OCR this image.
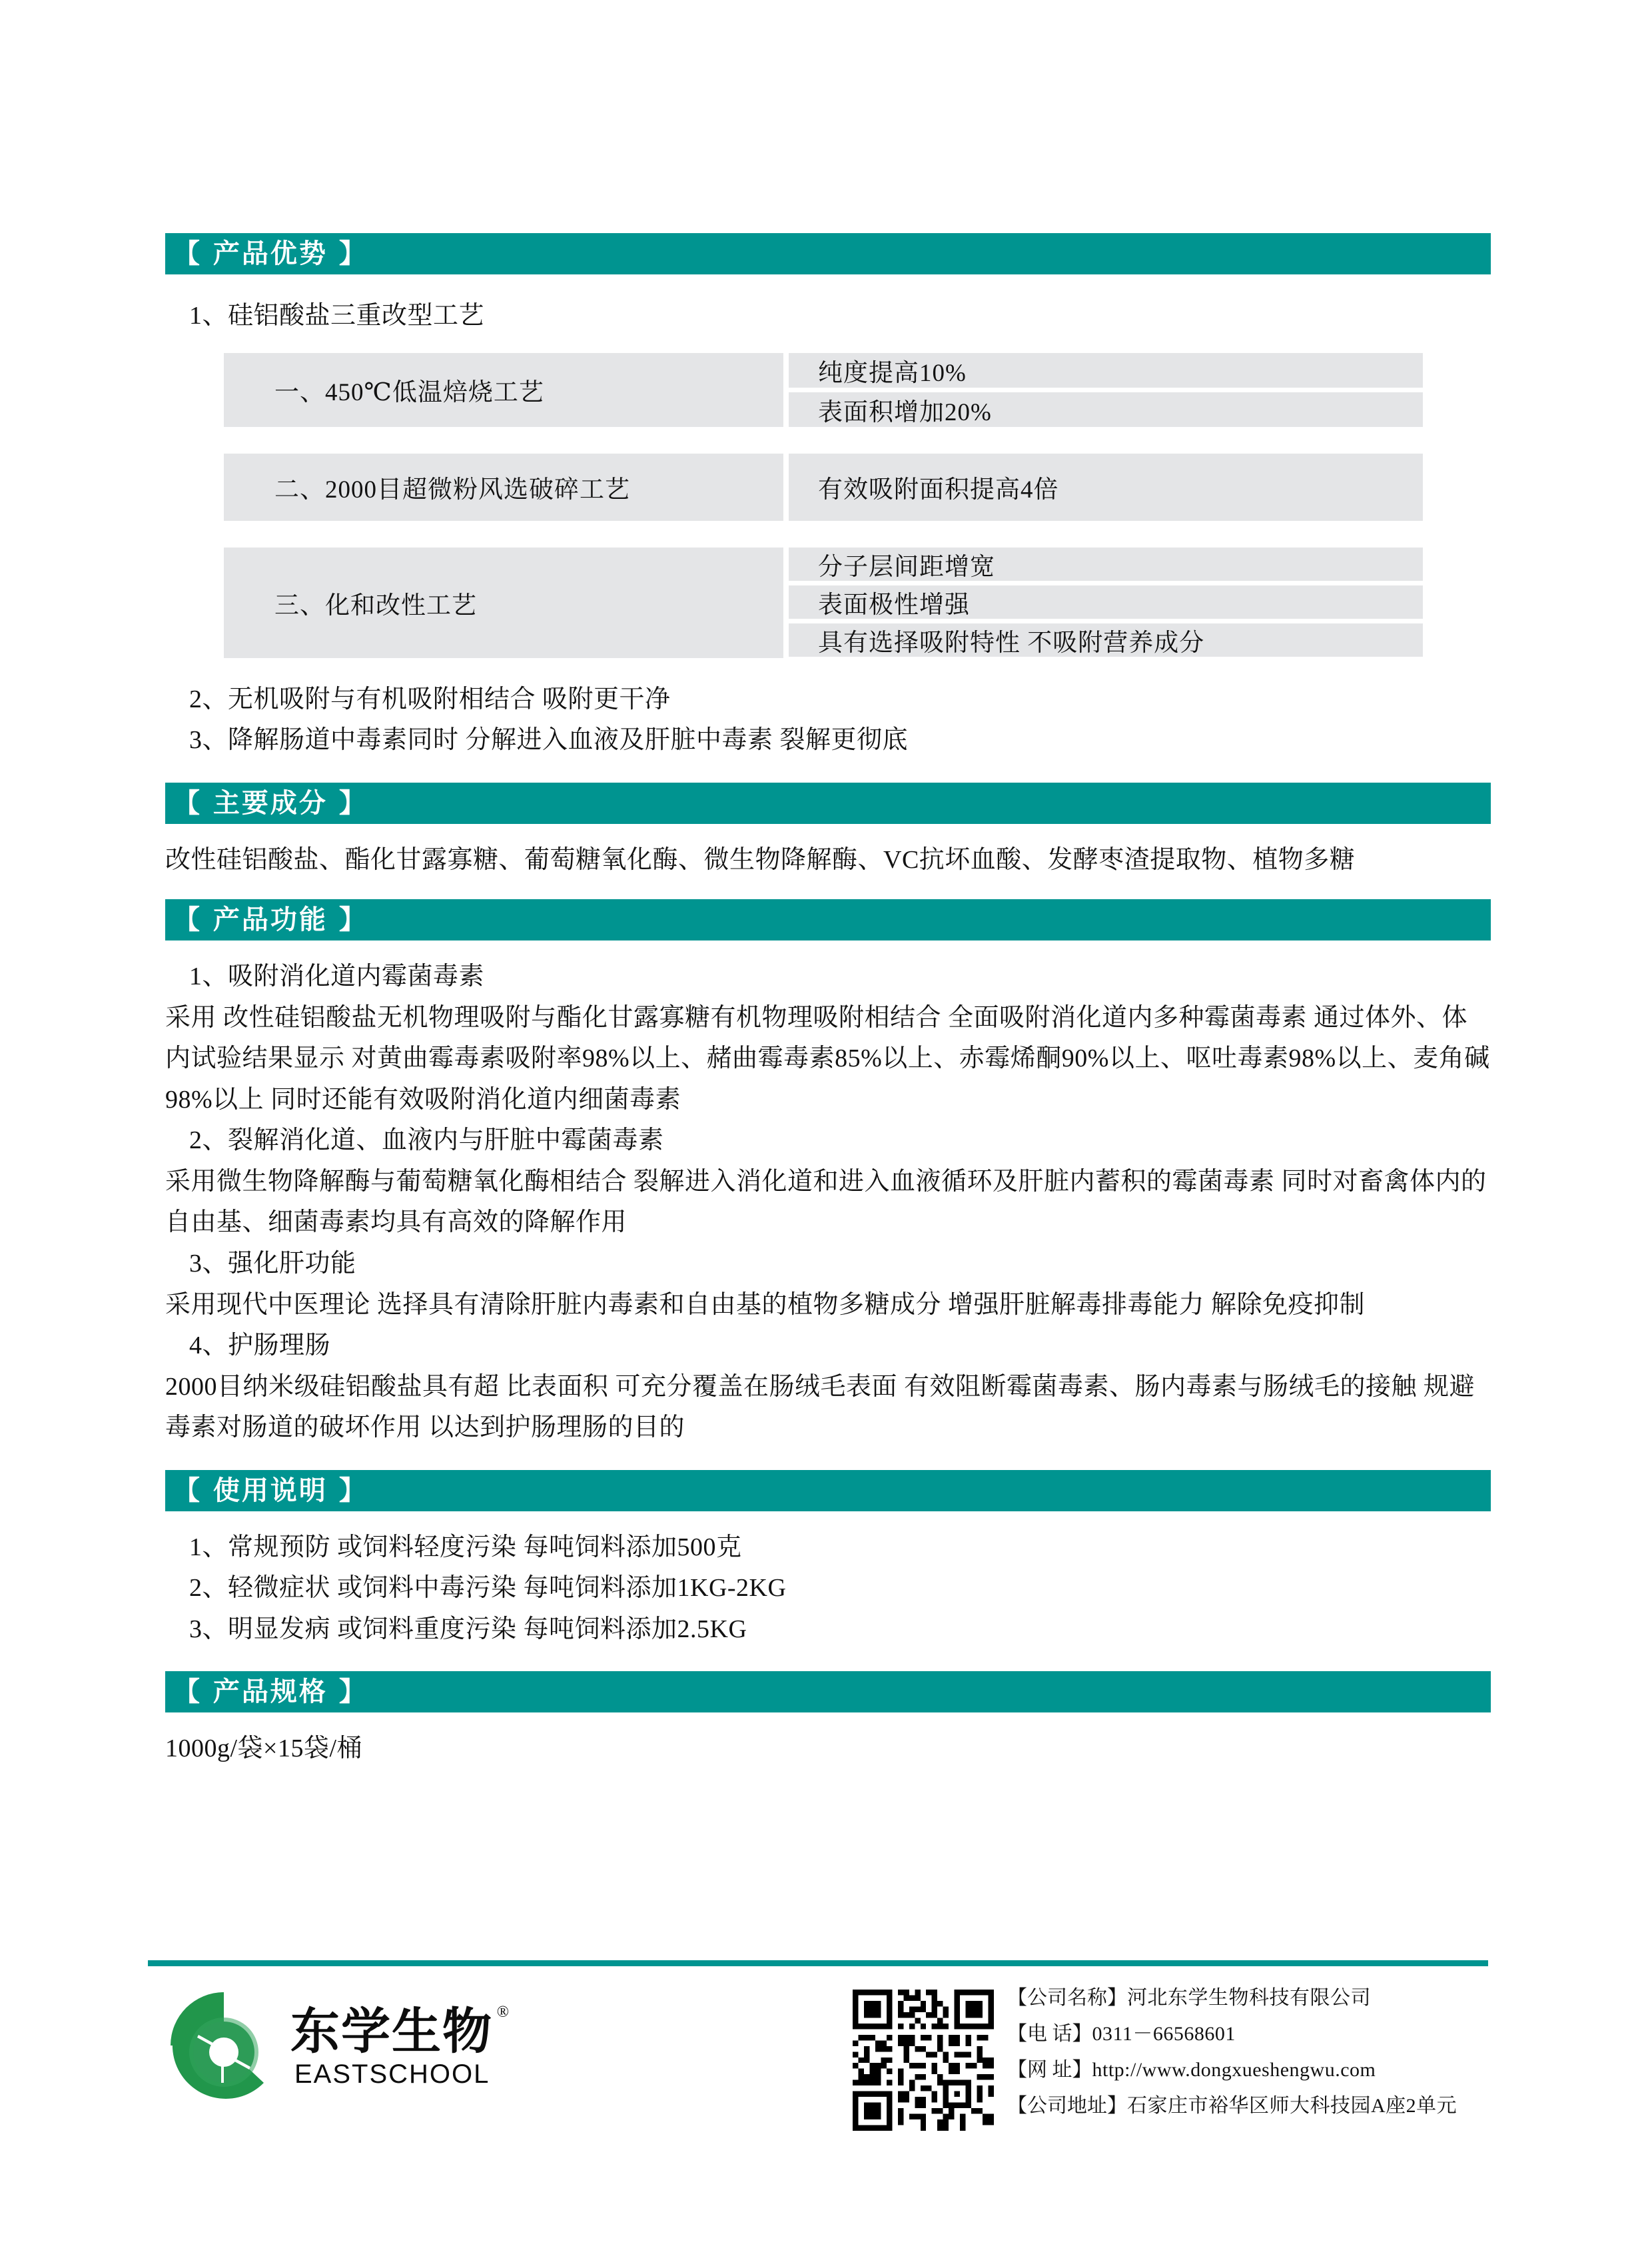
【 产品优势 】
1、硅铝酸盐三重改型工艺
一、450℃低温焙烧工艺
纯度提高10%
表面积增加20%
二、2000目超微粉风选破碎工艺	有效吸附面积提高4倍
三、化和改性工艺
分子层间距增宽
表面极性增强
具有选择吸附特性 不吸附营养成分
2、无机吸附与有机吸附相结合 吸附更干净
3、降解肠道中毒素同时 分解进入血液及肝脏中毒素 裂解更彻底
【 主要成分 】
改性硅铝酸盐、酯化甘露寡糖、葡萄糖氧化酶、微生物降解酶、VC抗坏血酸、发酵枣渣提取物、植物多糖
【 产品功能 】
1、吸附消化道内霉菌毒素
采用 改性硅铝酸盐无机物理吸附与酯化甘露寡糖有机物理吸附相结合 全面吸附消化道内多种霉菌毒素 通过体外、体内试验结果显示 对黄曲霉毒素吸附率98%以上、赭曲霉毒素85%以上、赤霉烯酮90%以上、呕吐毒素98%以上、麦角碱98%以上 同时还能有效吸附消化道内细菌毒素
2、裂解消化道、血液内与肝脏中霉菌毒素
采用微生物降解酶与葡萄糖氧化酶相结合 裂解进入消化道和进入血液循环及肝脏内蓄积的霉菌毒素 同时对畜禽体内的自由基、细菌毒素均具有高效的降解作用
3、强化肝功能
采用现代中医理论 选择具有清除肝脏内毒素和自由基的植物多糖成分 增强肝脏解毒排毒能力 解除免疫抑制
4、护肠理肠
2000目纳米级硅铝酸盐具有超 比表面积 可充分覆盖在肠绒毛表面 有效阻断霉菌毒素、肠内毒素与肠绒毛的接触 规避毒素对肠道的破坏作用 以达到护肠理肠的目的
【 使用说明 】
1、常规预防 或饲料轻度污染 每吨饲料添加500克
2、轻微症状 或饲料中毒污染 每吨饲料添加1KG-2KG
3、明显发病 或饲料重度污染 每吨饲料添加2.5KG
【 产品规格 】
1000g/袋×15袋/桶
东学生物 ®
EASTSCHOOL
【公司名称】 河北东学生物科技有限公司
【电 话】 0311－66568601
【网 址】 http://www.dongxueshengwu.com
【公司地址】 石家庄市裕华区师大科技园A座2单元
